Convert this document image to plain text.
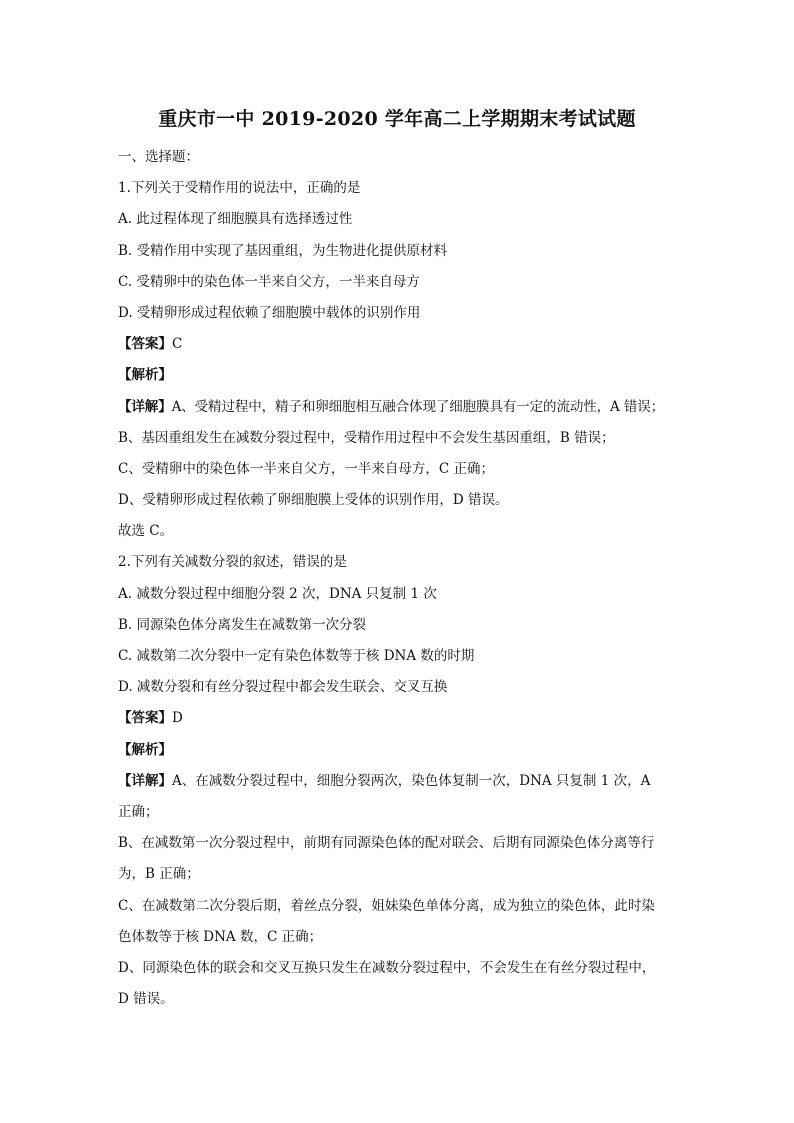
重庆市一中 2019-2020 学年高二上学期期末考试试题
一、选择题：
1.下列关于受精作用的说法中，正确的是
A. 此过程体现了细胞膜具有选择透过性
B. 受精作用中实现了基因重组，为生物进化提供原材料
C. 受精卵中的染色体一半来自父方，一半来自母方
D. 受精卵形成过程依赖了细胞膜中载体的识别作用
【答案】C
【解析】
【详解】A、受精过程中，精子和卵细胞相互融合体现了细胞膜具有一定的流动性，A 错误；
B、基因重组发生在减数分裂过程中，受精作用过程中不会发生基因重组，B 错误；
C、受精卵中的染色体一半来自父方，一半来自母方，C 正确；
D、受精卵形成过程依赖了卵细胞膜上受体的识别作用，D 错误。
故选 C。
2.下列有关减数分裂的叙述，错误的是
A. 减数分裂过程中细胞分裂 2 次，DNA 只复制 1 次
B. 同源染色体分离发生在减数第一次分裂
C. 减数第二次分裂中一定有染色体数等于核 DNA 数的时期
D. 减数分裂和有丝分裂过程中都会发生联会、交叉互换
【答案】D
【解析】
【详解】A、在减数分裂过程中，细胞分裂两次，染色体复制一次，DNA 只复制 1 次，A
正确；
B、在减数第一次分裂过程中，前期有同源染色体的配对联会、后期有同源染色体分离等行
为，B 正确；
C、在减数第二次分裂后期，着丝点分裂，姐妹染色单体分离，成为独立的染色体，此时染
色体数等于核 DNA 数，C 正确；
D、同源染色体的联会和交叉互换只发生在减数分裂过程中，不会发生在有丝分裂过程中，
D 错误。
